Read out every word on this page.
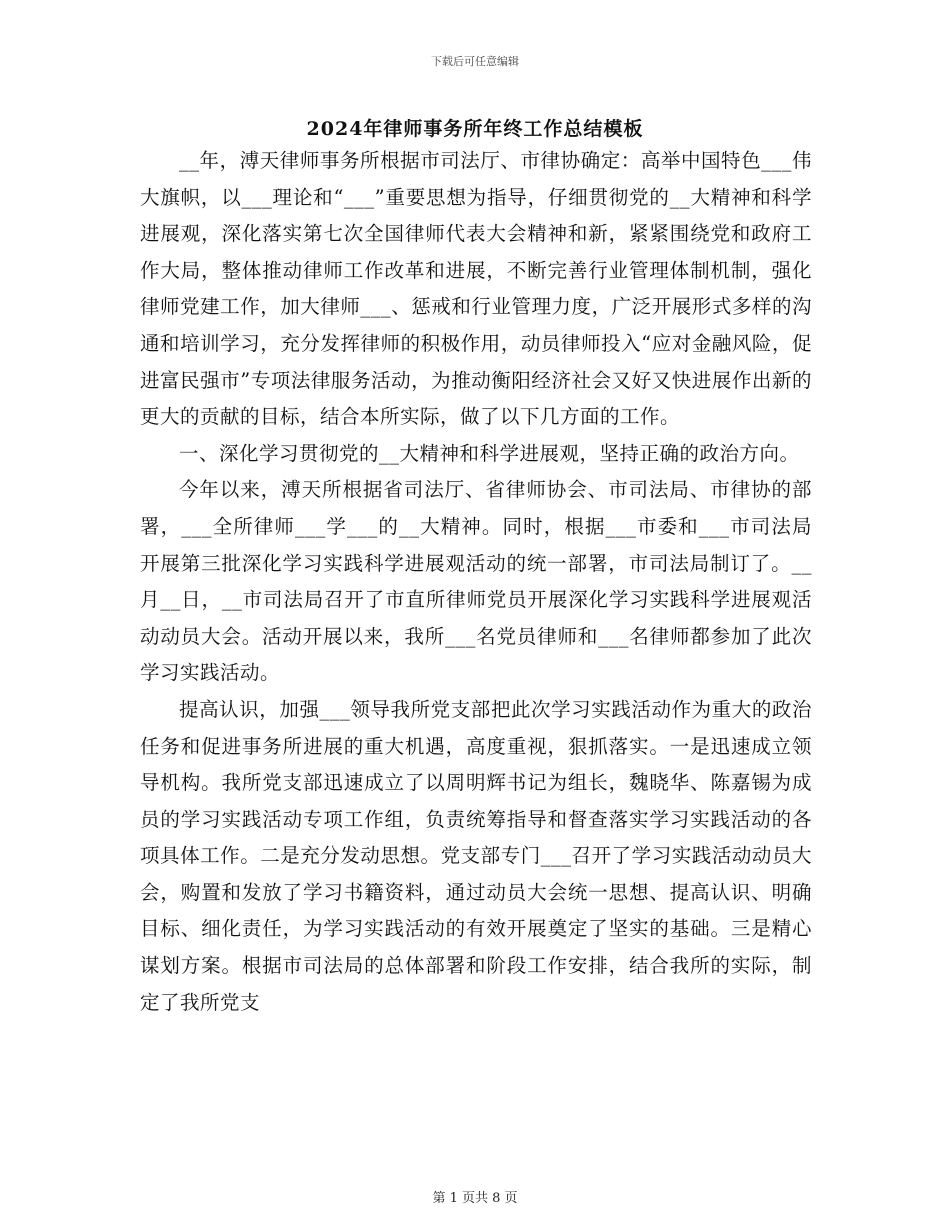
下载后可任意编辑
2024年律师事务所年终工作总结模板

__年，溥天律师事务所根据市司法厅、市律协确定：高举中国特色___伟大旗帜，以___理论和“___”重要思想为指导，仔细贯彻党的__大精神和科学进展观，深化落实第七次全国律师代表大会精神和新，紧紧围绕党和政府工作大局，整体推动律师工作改革和进展，不断完善行业管理体制机制，强化律师党建工作，加大律师___、惩戒和行业管理力度，广泛开展形式多样的沟通和培训学习，充分发挥律师的积极作用，动员律师投入“应对金融风险，促进富民强市”专项法律服务活动，为推动衡阳经济社会又好又快进展作出新的更大的贡献的目标，结合本所实际，做了以下几方面的工作。

一、深化学习贯彻党的__大精神和科学进展观，坚持正确的政治方向。

今年以来，溥天所根据省司法厅、省律师协会、市司法局、市律协的部署，___全所律师___学___的__大精神。同时，根据___市委和___市司法局开展第三批深化学习实践科学进展观活动的统一部署，市司法局制订了。__月__日，__市司法局召开了市直所律师党员开展深化学习实践科学进展观活动动员大会。活动开展以来，我所___名党员律师和___名律师都参加了此次学习实践活动。

提高认识，加强___领导我所党支部把此次学习实践活动作为重大的政治任务和促进事务所进展的重大机遇，高度重视，狠抓落实。一是迅速成立领导机构。我所党支部迅速成立了以周明辉书记为组长，魏晓华、陈嘉锡为成员的学习实践活动专项工作组，负责统筹指导和督查落实学习实践活动的各项具体工作。二是充分发动思想。党支部专门___召开了学习实践活动动员大会，购置和发放了学习书籍资料，通过动员大会统一思想、提高认识、明确目标、细化责任，为学习实践活动的有效开展奠定了坚实的基础。三是精心谋划方案。根据市司法局的总体部署和阶段工作安排，结合我所的实际，制定了我所党支

第 1 页共 8 页
